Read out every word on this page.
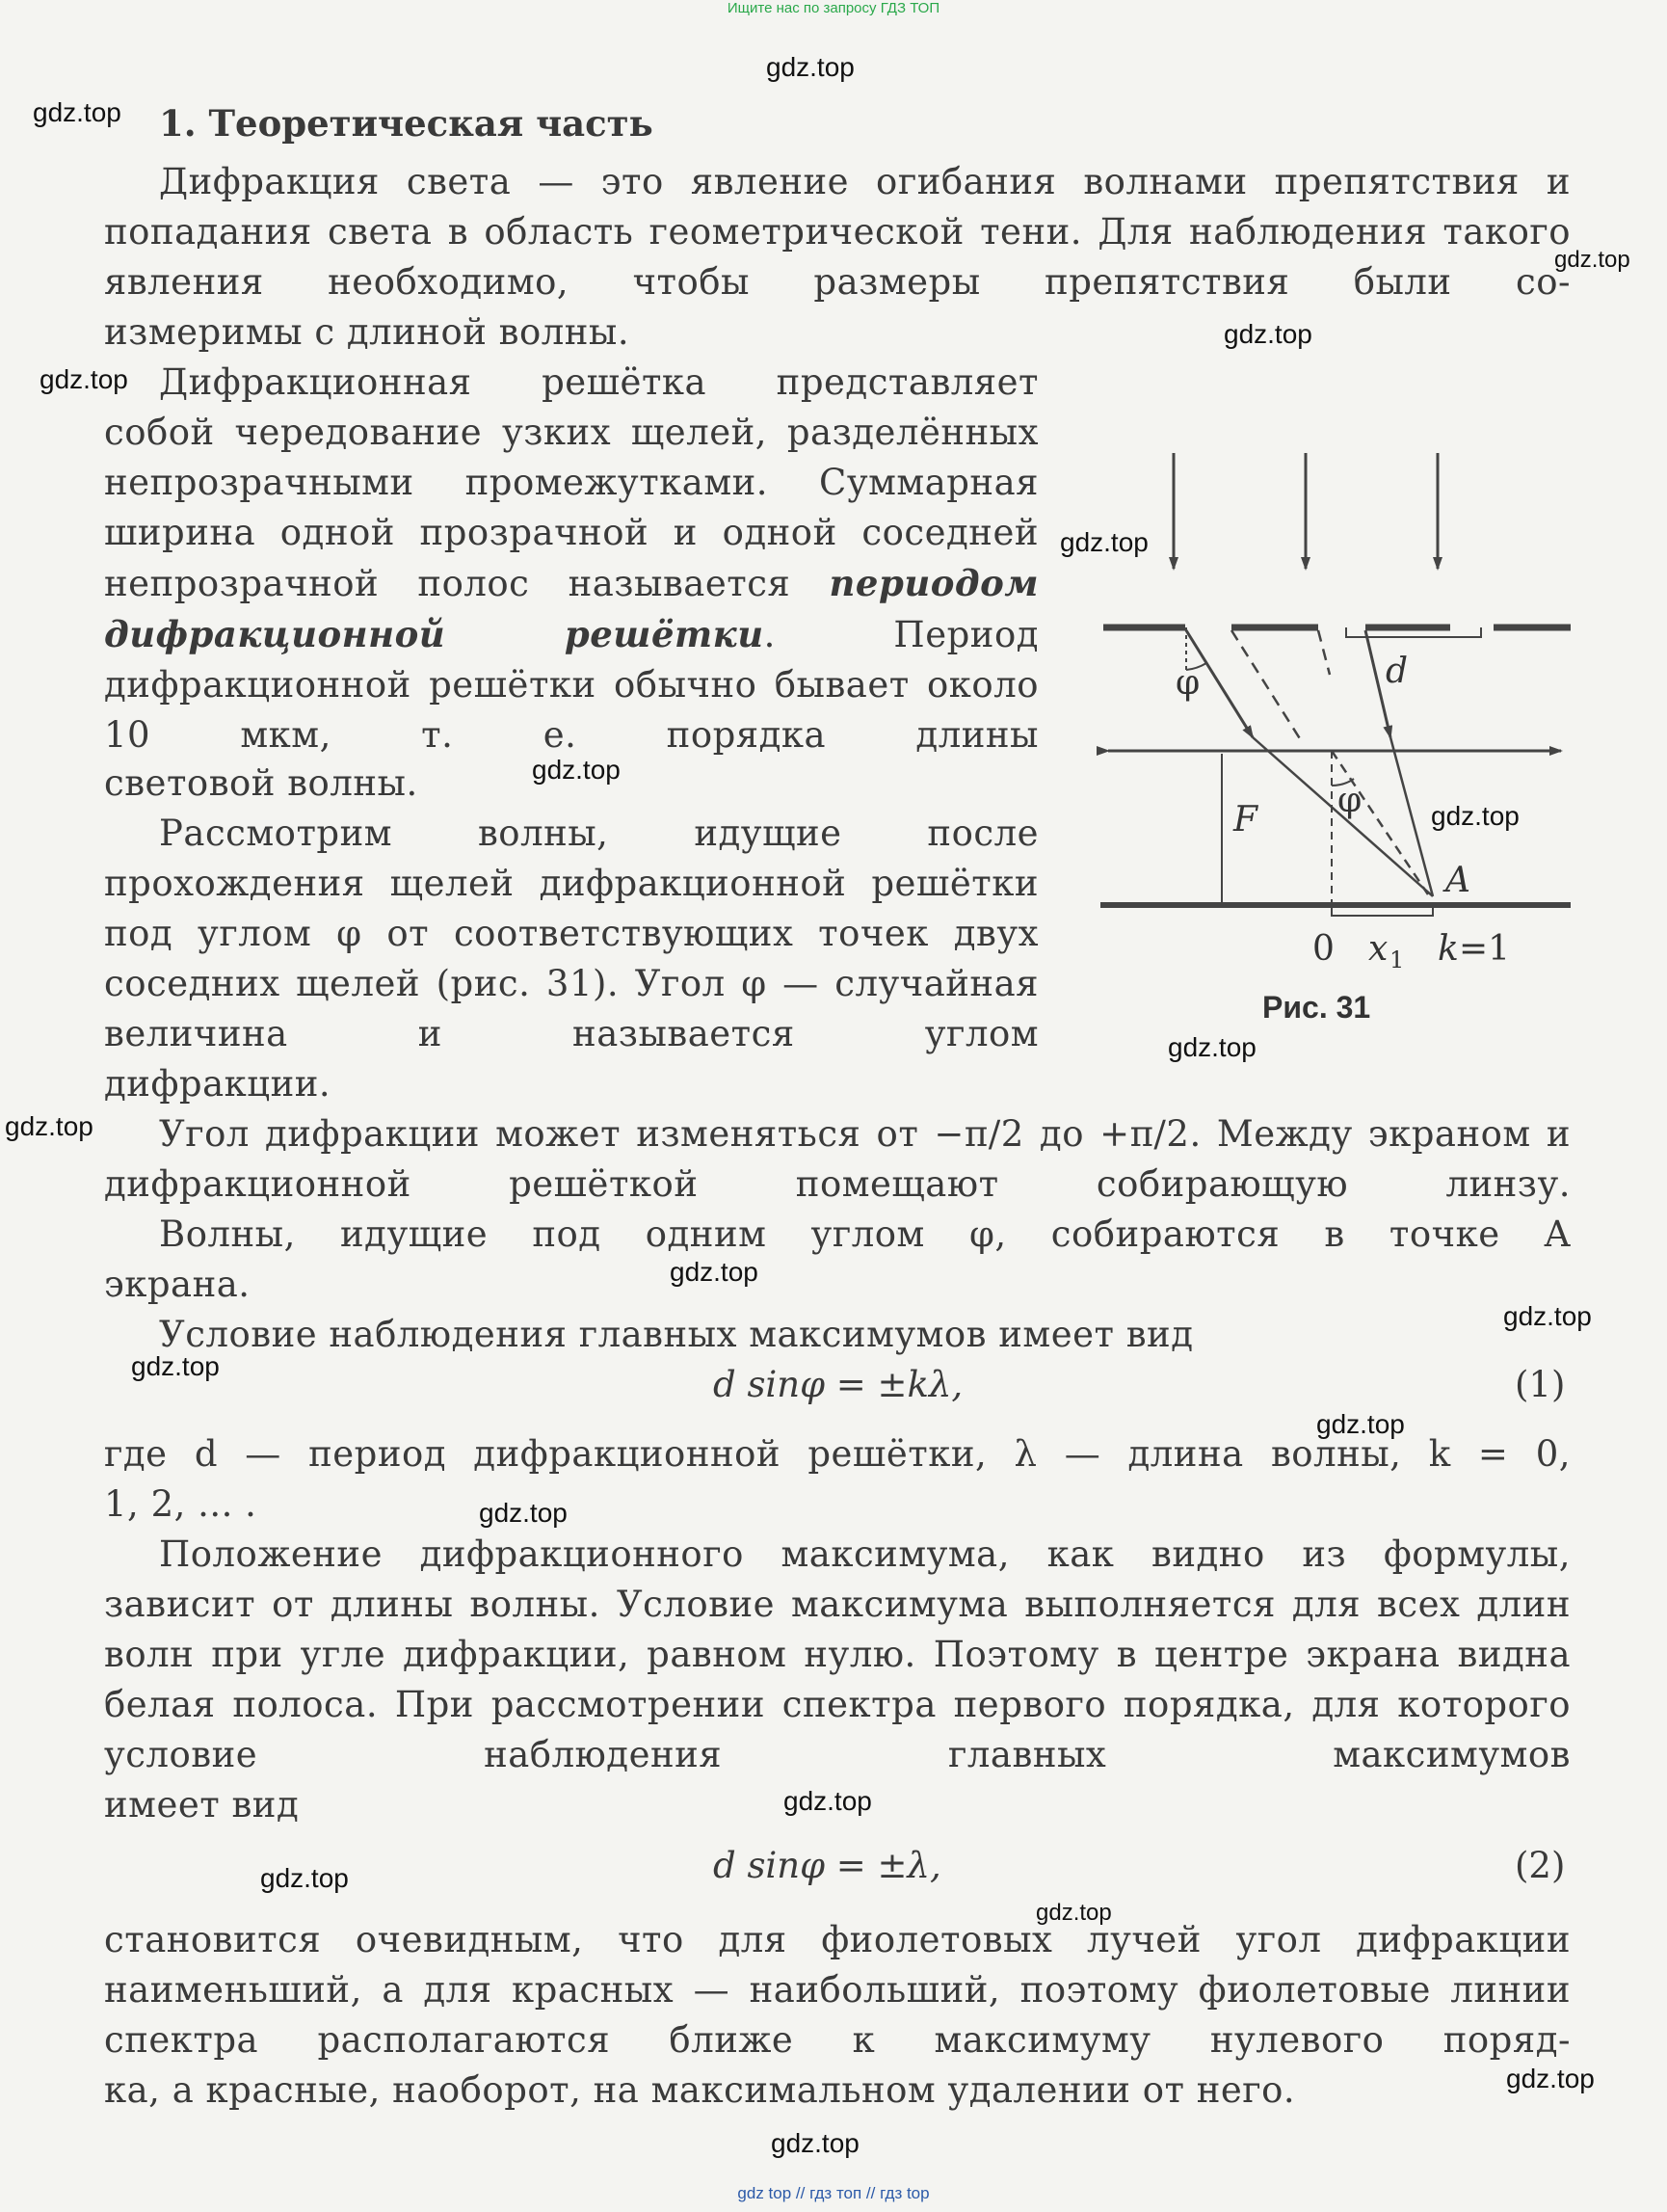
Ищите нас по запросу ГДЗ ТОП
gdz.top
gdz.top
gdz.top
gdz.top
gdz.top
gdz.top
gdz.top
gdz.top
gdz.top
gdz.top
gdz.top
gdz.top
gdz.top
gdz.top
gdz.top
gdz.top
gdz.top
gdz.top
gdz.top
gdz.top
1. Теоретическая часть

Дифракция света — это явление огибания волнами препятствия и попадания света в область геометрической тени. Для наблюдения такого явления необходимо, чтобы размеры препятствия были со-

измеримы с длиной волны.

Дифракционная решётка представляет собой чередование узких щелей, разделённых непрозрачными промежутками. Суммарная ширина одной прозрачной и одной соседней непрозрачной полос называется периодом дифракционной решётки. Период дифракционной решётки обычно бывает около 10 мкм, т. е. порядка длины

световой волны.

Рассмотрим волны, идущие после прохождения щелей дифракционной решётки под углом φ от соответствующих точек двух соседних щелей (рис. 31). Угол φ — случайная величина и называется углом

дифракции.

Угол дифракции может изменяться от −π/2 до +π/2. Между экраном и дифракционной решёткой помещают собирающую линзу.

Волны, идущие под одним углом φ, собираются в точке A

экрана.

Условие наблюдения главных максимумов имеет вид

d sinφ = ±kλ,	(1)

где d — период дифракционной решётки, λ — длина волны, k = 0,

1, 2, ... .

Положение дифракционного максимума, как видно из формулы, зависит от длины волны. Условие максимума выполняется для всех длин волн при угле дифракции, равном нулю. Поэтому в центре экрана видна белая полоса. При рассмотрении спектра первого порядка, для которого условие наблюдения главных максимумов

имеет вид

d sinφ = ±λ,	(2)

становится очевидным, что для фиолетовых лучей угол дифракции наименьший, а для красных — наибольший, поэтому фиолетовые линии спектра располагаются ближе к максимуму нулевого поряд-

ка, а красные, наоборот, на максимальном удалении от него.

d
φ
φ
F
A
0 x 1 k =1
Рис. 31
gdz top // гдз топ // гдз top
